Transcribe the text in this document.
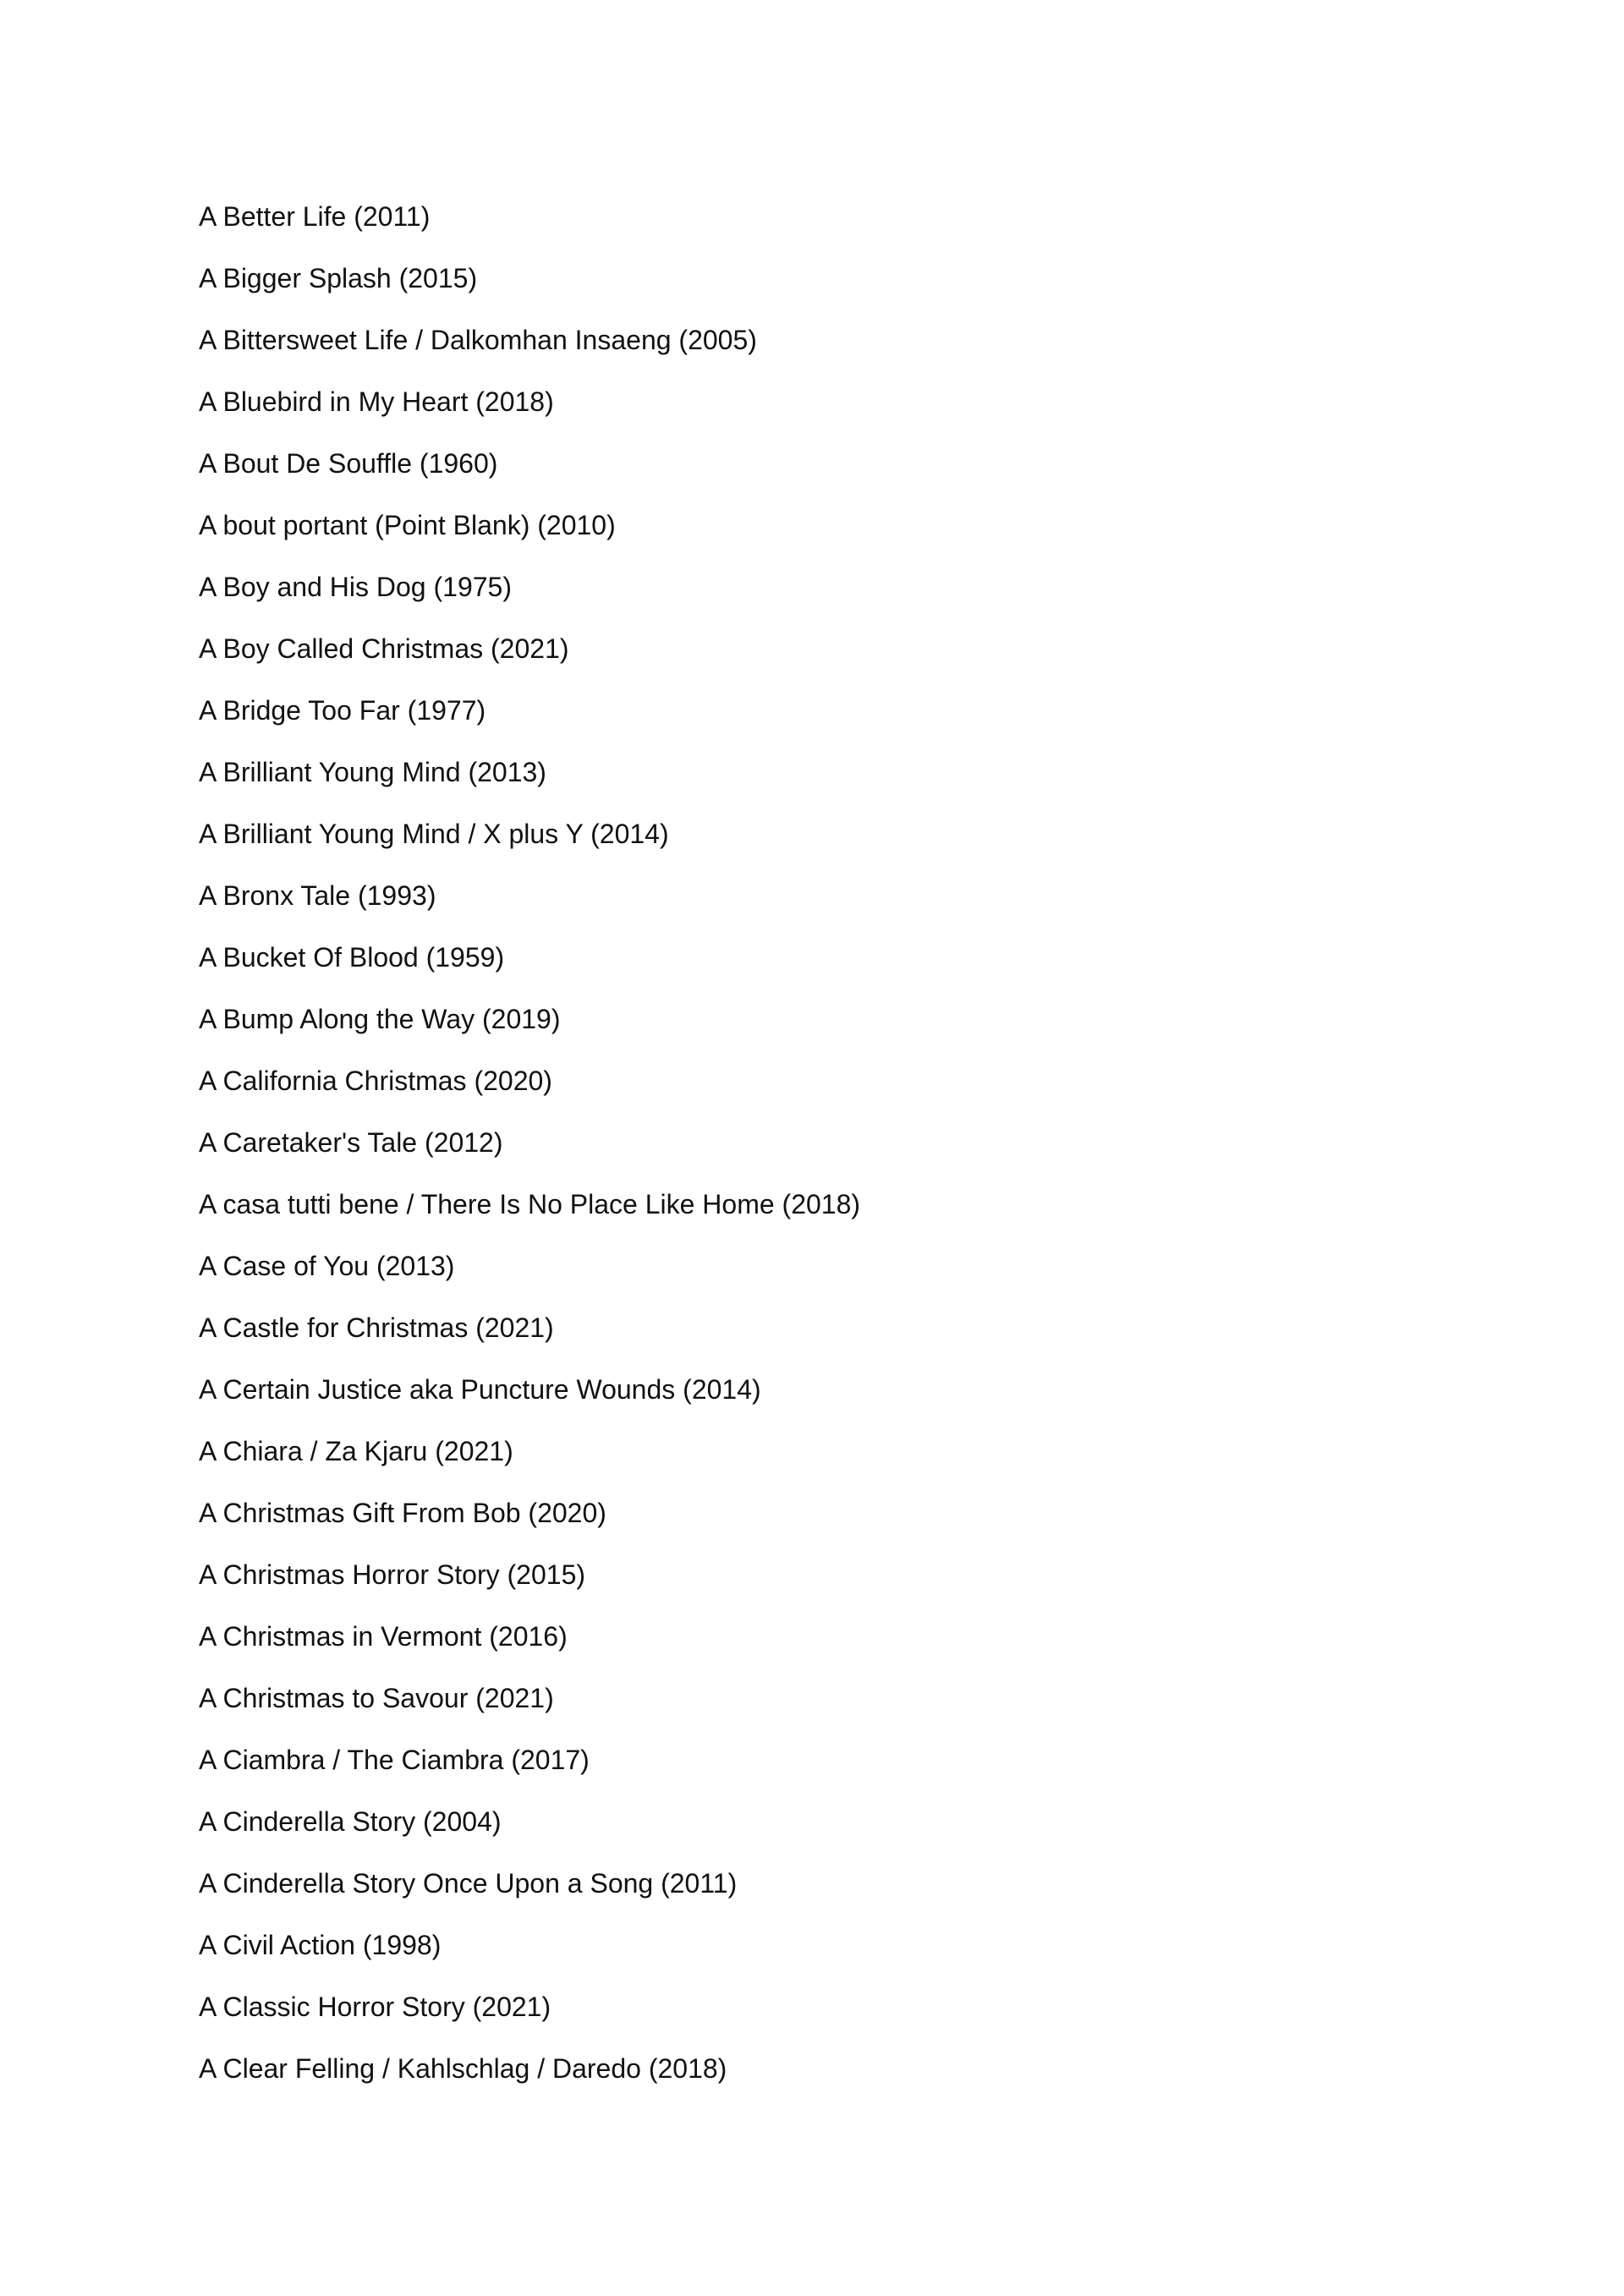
A Better Life (2011)
A Bigger Splash (2015)
A Bittersweet Life / Dalkomhan Insaeng (2005)
A Bluebird in My Heart (2018)
A Bout De Souffle (1960)
A bout portant (Point Blank) (2010)
A Boy and His Dog (1975)
A Boy Called Christmas (2021)
A Bridge Too Far (1977)
A Brilliant Young Mind (2013)
A Brilliant Young Mind / X plus Y (2014)
A Bronx Tale (1993)
A Bucket Of Blood (1959)
A Bump Along the Way (2019)
A California Christmas (2020)
A Caretaker's Tale (2012)
A casa tutti bene / There Is No Place Like Home (2018)
A Case of You (2013)
A Castle for Christmas (2021)
A Certain Justice aka Puncture Wounds (2014)
A Chiara / Za Kjaru (2021)
A Christmas Gift From Bob (2020)
A Christmas Horror Story (2015)
A Christmas in Vermont (2016)
A Christmas to Savour (2021)
A Ciambra / The Ciambra (2017)
A Cinderella Story (2004)
A Cinderella Story Once Upon a Song (2011)
A Civil Action (1998)
A Classic Horror Story (2021)
A Clear Felling / Kahlschlag / Daredo (2018)
